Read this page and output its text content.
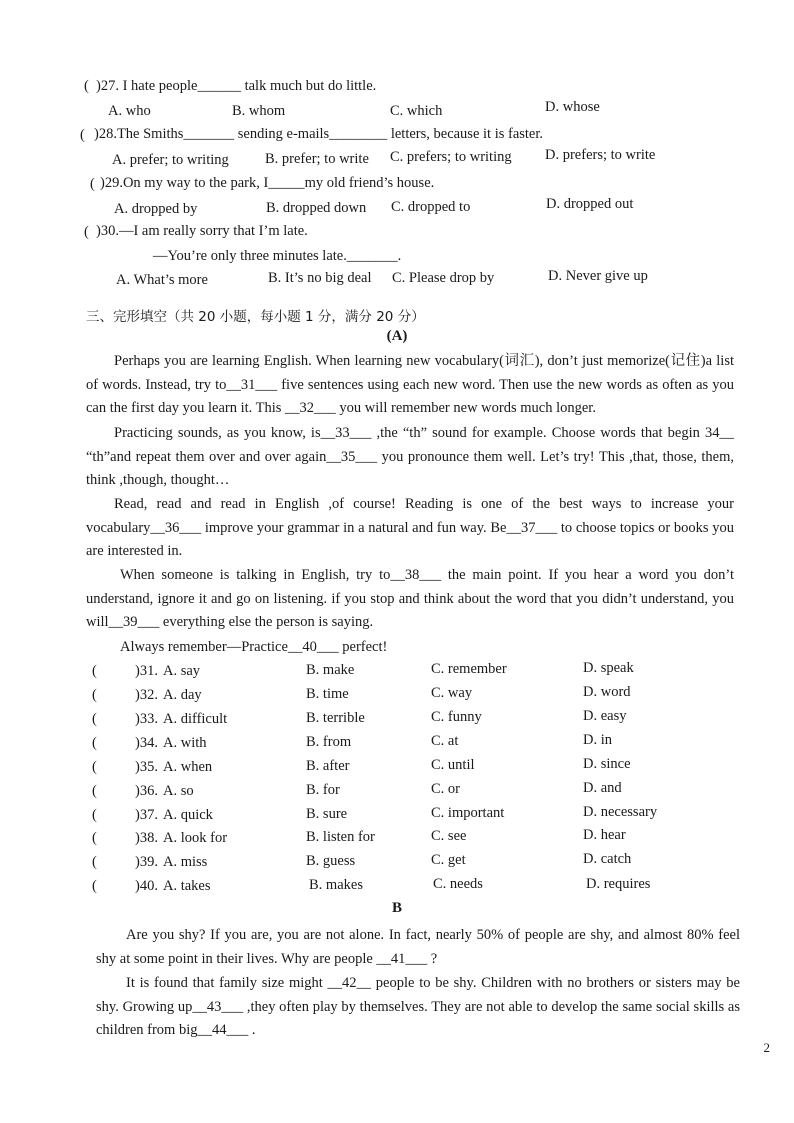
( )27. I hate people______ talk much but do little.
A. who	B. whom	C. which	D. whose
( )28.The Smiths_______ sending e-mails________ letters, because it is faster.
A. prefer; to writing B. prefer; to write C. prefers; to writing D. prefers; to write
( )29.On my way to the park, I_____my old friend’s house.
A. dropped by	B. dropped down C. dropped to	D. dropped out
( )30.—I am really sorry that I’m late.
—You’re only three minutes late._______.
A. What’s more	B. It’s no big deal C. Please drop by	D. Never give up
三、完形填空（共 20 小题，每小题 1 分，满分 20 分）
(A)
Perhaps you are learning English. When learning new vocabulary(词汇), don’t just memorize(记住)a list of words. Instead, try to__31___ five sentences using each new word. Then use the new words as often as you can the first day you learn it. This __32___ you will remember new words much longer.
Practicing sounds, as you know, is__33___ ,the “th” sound for example. Choose words that begin 34__ “th”and repeat them over and over again__35___ you pronounce them well. Let’s try! This ,that, those, them, think ,though, thought…
Read, read and read in English ,of course! Reading is one of the best ways to increase your vocabulary__36___ improve your grammar in a natural and fun way. Be__37___ to choose topics or books you are interested in.
When someone is talking in English, try to__38___ the main point. If you hear a word you don’t understand, ignore it and go on listening. if you stop and think about the word that you didn’t understand, you will__39___ everything else the person is saying.
Always remember—Practice__40___ perfect!
(	)31. A. say	B. make	C. remember	D. speak
(	)32. A. day	B. time	C. way	D. word
(	)33. A. difficult	B. terrible	C. funny	D. easy
(	)34. A. with	B. from	C. at	D. in
(	)35. A. when	B. after	C. until	D. since
(	)36. A. so	B. for	C. or	D. and
(	)37. A. quick	B. sure	C. important	D. necessary
(	)38. A. look for	B. listen for	C. see	D. hear
(	)39. A. miss	B. guess	C. get	D. catch
(	)40. A. takes	B. makes	C. needs	D. requires
B
Are you shy? If you are, you are not alone. In fact, nearly 50% of people are shy, and almost 80% feel shy at some point in their lives. Why are people __41___ ?
It is found that family size might __42__ people to be shy. Children with no brothers or sisters may be shy. Growing up__43___ ,they often play by themselves. They are not able to develop the same social skills as children from big__44___ .
2
